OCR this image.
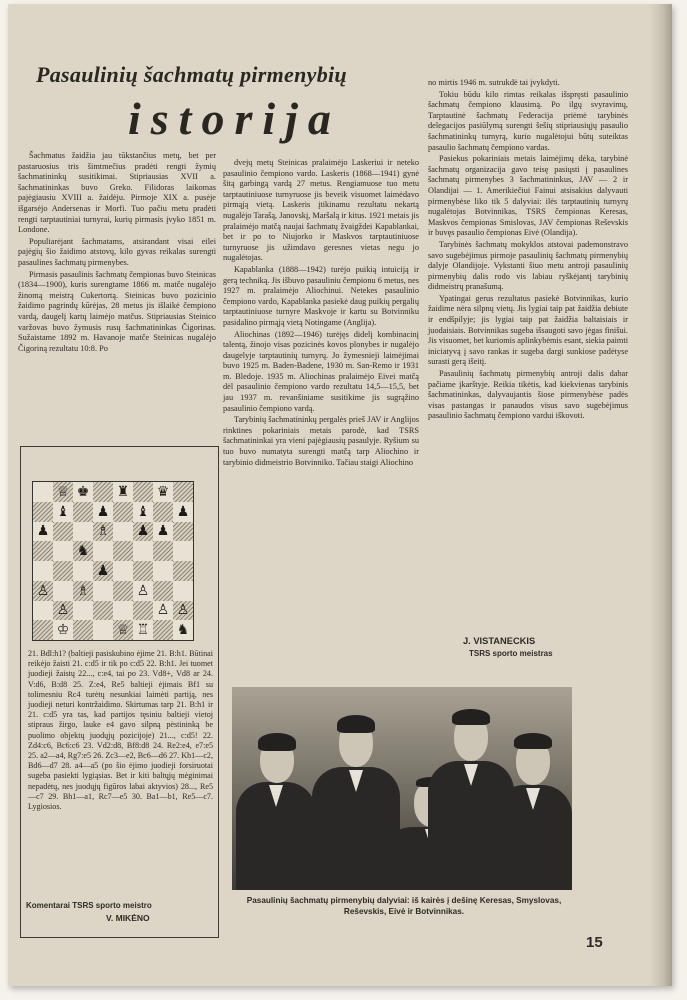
Pasaulinių šachmatų pirmenybių
istorija

Šachmatus žaidžia jau tūkstančius metų, bet per pastaruosius tris šimtmečius pradėti rengti žymių šachmatininkų susitikimai. Stipriausias XVII a. šachmatininkas buvo Greko. Filidoras laikomas pajėgiausiu XVIII a. žaidėju. Pirmoje XIX a. pusėje išgarsėjo Andersenas ir Morfi. Tuo pačiu metu pradėti rengti tarptautiniai turnyrai, kurių pirmasis įvyko 1851 m. Londone.

Populiarėjant šachmatams, atsirandant visai eilei pajėgių šio žaidimo atstovų, kilo gyvas reikalas surengti pasaulines šachmatų pirmenybes.

Pirmasis pasaulinis šachmatų čempionas buvo Steinicas (1834—1900), kuris surengtame 1866 m. matče nugalėjo žinomą meistrą Cukertortą. Steinicas buvo pozicinio žaidimo pagrindų kūrėjas, 28 metus jis išlaikė čempiono vardą, daugelį kartų laimėjo matčus. Stipriausias Steinico varžovas buvo žymusis rusų šachmatininkas Čigorinas. Sužaistame 1892 m. Havanoje matče Steinicas nugalėjo Čigoriną rezultatu 10:8. Po

♕ ♚ ♜ ♛
♝ ♟ ♝ ♟
♟	♗ ♟ ♟
♞
♟
♙ ♗	♙
♙	♙ ♙
♔	♕ ♖ ♞
21. Bdl:h1? (baltieji pasiskubino ėjime 21. B:h1. Būtinai reikėjo žaisti 21. c:d5 ir tik po c:d5 22. B:h1. Jei tuomet juodieji žaistų 22..., c:e4, tai po 23. Vd8+, Vd8 ar 24. V:d6, B:d8 25. Z:e4, Re5 baltieji ėjimais Bf1 su tolimesniu Rc4 turėtų nesunkiai laimėti partiją, nes juodieji neturi kontržaidimo. Skirtumas tarp 21. B:h1 ir 21. c:d5 yra tas, kad partijos tęsiniu baltieji vietoj stipraus žirgo, laukе e4 gavo silpną pėstininką be puolimo objektų juodųjų pozicijoje) 21..., c:d5! 22. Zd4:c6, Bc6:c6 23. Vd2:d8, Bf8:d8 24. Re2:e4, e7:e5 25. a2—a4, Rg7:e5 26. Zc3—e2, Bc6—d6 27. Kb1—c2, Bd6—d7 28. a4—a5 (po šio ėjimo juodieji forsiruotai sugeba pasiekti lygiąsias. Bet ir kiti baltųjų mėginimai nepadėtų, nes juodųjų figūros labai aktyvios) 28..., Re5—c7 29. Bh1—a1, Rc7—e5 30. Ba1—b1, Re5—c7. Lygiosios.
Komentarai TSRS sporto meistro
V. MIKĖNO

dvejų metų Steinicas pralaimėjo Laskeriui ir neteko pasaulinio čempiono vardo. Laskeris (1868—1941) gynė šitą garbingą vardą 27 metus. Rengiamuose tuo metu tarptautiniuose turnyruose jis beveik visuomet laimėdavo pirmąją vietą. Laskeris įtikinamu rezultatu nekartą nugalėjo Tarašą, Janovskį, Maršalą ir kitus. 1921 metais jis pralaimėjo matčą naujai šachmatų žvaigždei Kapablankai, bet ir po to Niujorko ir Maskvos tarptautiniuose turnyruose jis užimdavo geresnes vietas negu jo nugalėtojas.

Kapablanka (1888—1942) turėjo puikią intuiciją ir gerą techniką. Jis išbuvo pasauliniu čempionu 6 metus, nes 1927 m. pralaimėjo Aliochinui. Netekes pasaulinio čempiono vardo, Kapablanka pasiekė daug puikių pergalių tarptautiniuose turnyre Maskvoje ir kartu su Botvinniku pasidalino pirmąją vietą Notingame (Anglija).

Aliochinas (1892—1946) turėjęs didelį kombinacinį talentą, žinojo visas pozicinės kovos plonybes ir nugalėjo daugelyje tarptautinių turnyrų. Jo žymesnieji laimėjimai buvo 1925 m. Baden-Badene, 1930 m. San-Remo ir 1931 m. Bledoje. 1935 m. Aliochinas pralaimėjo Eivei matčą dėl pasaulinio čempiono vardo rezultatu 14,5—15,5, bet jau 1937 m. revanšiniame susitikime jis sugrąžino pasaulinio čempiono vardą.

Tarybinių šachmatininkų pergalės prieš JAV ir Anglijos rinktines pokariniais metais parodė, kad TSRS šachmatininkai yra vieni pajėgiausių pasaulyje. Ryšium su tuo buvo numatyta surengti matčą tarp Aliochino ir tarybinio didmeistrio Botvinniko. Tačiau staigi Aliochino

no mirtis 1946 m. sutrukdė tai įvykdyti.

Tokiu būdu kilo rimtas reikalas išspręsti pasaulinio šachmatų čempiono klausimą. Po ilgų svyravimų, Tarptautinė šachmatų Federacija priėmė tarybinės delegacijos pasiūlymą surengti šešių stipriausiųjų pasaulio šachmatininkų turnyrą, kurio nugalėtojui būtų suteiktas pasaulio šachmatų čempiono vardas.

Pasiekus pokariniais metais laimėjimų dėka, tarybinė šachmatų organizacija gavo teisę pasiųsti į pasaulines šachmatų pirmenybes 3 šachmatininkus, JAV — 2 ir Olandijai — 1. Amerikiečiui Fainui atsisakius dalyvauti pirmenybėse liko tik 5 dalyviai: ilės tarptautinių turnyrų nugalėtojas Botvinnikas, TSRS čempionas Keresas, Maskvos čempionas Smislovas, JAV čempionas Reševskis ir buvęs pasaulio čempionas Eivė (Olandija).

Tarybinės šachmatų mokyklos atstovai pademonstravo savo sugebėjimus pirmoje pasaulinių šachmatų pirmenybių dalyje Olandijoje. Vykstanti šiuo metu antroji pasaulinių pirmenybių dalis rodo vis labiau ryškėjantį tarybinių didmeistrų pranašumą.

Ypatingai gerus rezultatus pasiekė Botvinnikas, kurio žaidime nėra silpnų vietų. Jis lygiai taip pat žaidžia debiute ir endšpilyje; jis lygiai taip pat žaidžia baltaisiais ir juodaisiais. Botvinnikas sugeba išsaugoti savo jėgas finišui. Jis visuomet, bet kuriomis aplinkybėmis esant, siekia paimti iniciatyvą į savo rankas ir sugeba dargi sunkiose padėtyse surasti gerą išeitį.

Pasaulinių šachmatų pirmenybių antroji dalis dabar pačiame įkarštyje. Reikia tikėtis, kad kiekvienas tarybinis šachmatininkas, dalyvaujantis šiose pirmenybėse padės visas pastangas ir panaudos visus savo sugebėjimus pasaulinio šachmatų čempiono vardui iškovoti.

J. VISTANECKIS
TSRS sporto meistras
Pasaulinių šachmatų pirmenybių dalyviai: iš kairės į dešinę Keresas, Smyslovas, Reševskis, Eivė ir Botvinnikas.
15
